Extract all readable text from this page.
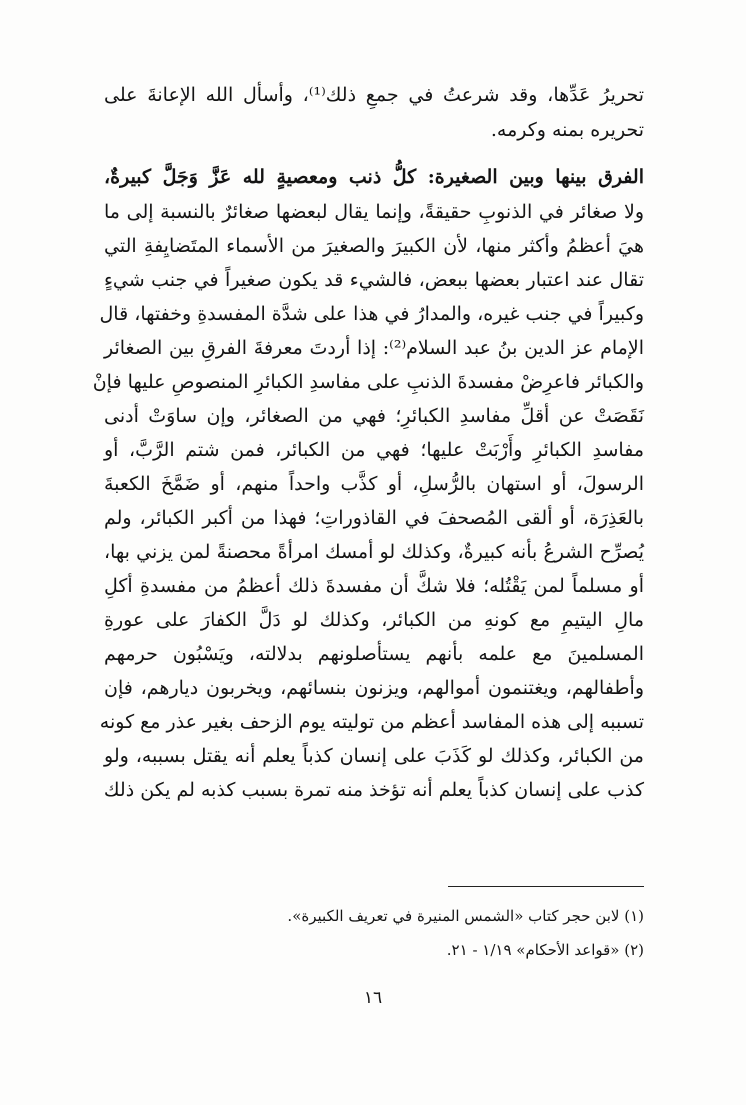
تحريرُ عَدِّها، وقد شرعتُ في جمعِ ذلك⁽¹⁾، وأسأل الله الإعانةَ على
تحريره بمنه وكرمه.
الفرق بينها وبين الصغيرة: كلُّ ذنب ومعصيةٍ لله عَزَّ وَجَلَّ كبيرةٌ،
ولا صغائر في الذنوبِ حقيقةً، وإنما يقال لبعضها صغائرٌ بالنسبة إلى ما
هيَ أعظمُ وأكثر منها، لأن الكبيرَ والصغيرَ من الأسماء المتَضايِفةِ التي
تقال عند اعتبار بعضها ببعض، فالشيء قد يكون صغيراً في جنب شيءٍ
وكبيراً في جنب غيره، والمدارُ في هذا على شدَّة المفسدةِ وخفتها، قال
الإمام عز الدين بنُ عبد السلام⁽²⁾: إذا أردتَ معرفةَ الفرقِ بين الصغائر
والكبائر فاعرِضْ مفسدةَ الذنبِ على مفاسدِ الكبائرِ المنصوصِ عليها فإنْ
نَقَصَتْ عن أقلِّ مفاسدِ الكبائرِ؛ فهي من الصغائر، وإن ساوَتْ أدنى
مفاسدِ الكبائرِ وأَرْبَتْ عليها؛ فهي من الكبائر، فمن شتم الرَّبَّ، أو
الرسولَ، أو استهان بالرُّسلِ، أو كذَّب واحداً منهم، أو ضَمَّخَ الكعبةَ
بالعَذِرَة، أو ألقى المُصحفَ في القاذوراتِ؛ فهذا من أكبر الكبائر، ولم
يُصرِّح الشرعُ بأنه كبيرةٌ، وكذلك لو أمسك امرأةً محصنةً لمن يزني بها،
أو مسلماً لمن يَقْتُله؛ فلا شكَّ أن مفسدةَ ذلك أعظمُ من مفسدةِ أكلِ
مالِ اليتيمِ مع كونهِ من الكبائر، وكذلك لو دَلَّ الكفارَ على عورةِ
المسلمينَ مع علمه بأنهم يستأصلونهم بدلالته، ويَسْبُون حرمهم
وأطفالهم، ويغتنمون أموالهم، ويزنون بنسائهم، ويخربون ديارهم، فإن
تسببه إلى هذه المفاسد أعظم من توليته يوم الزحف بغير عذر مع كونه
من الكبائر، وكذلك لو كَذَبَ على إنسان كذباً يعلم أنه يقتل بسببه، ولو
كذب على إنسان كذباً يعلم أنه تؤخذ منه تمرة بسبب كذبه لم يكن ذلك
(١) لابن حجر كتاب «الشمس المنيرة في تعريف الكبيرة».
(٢) «قواعد الأحكام» ١/١٩ - ٢١.
١٦
